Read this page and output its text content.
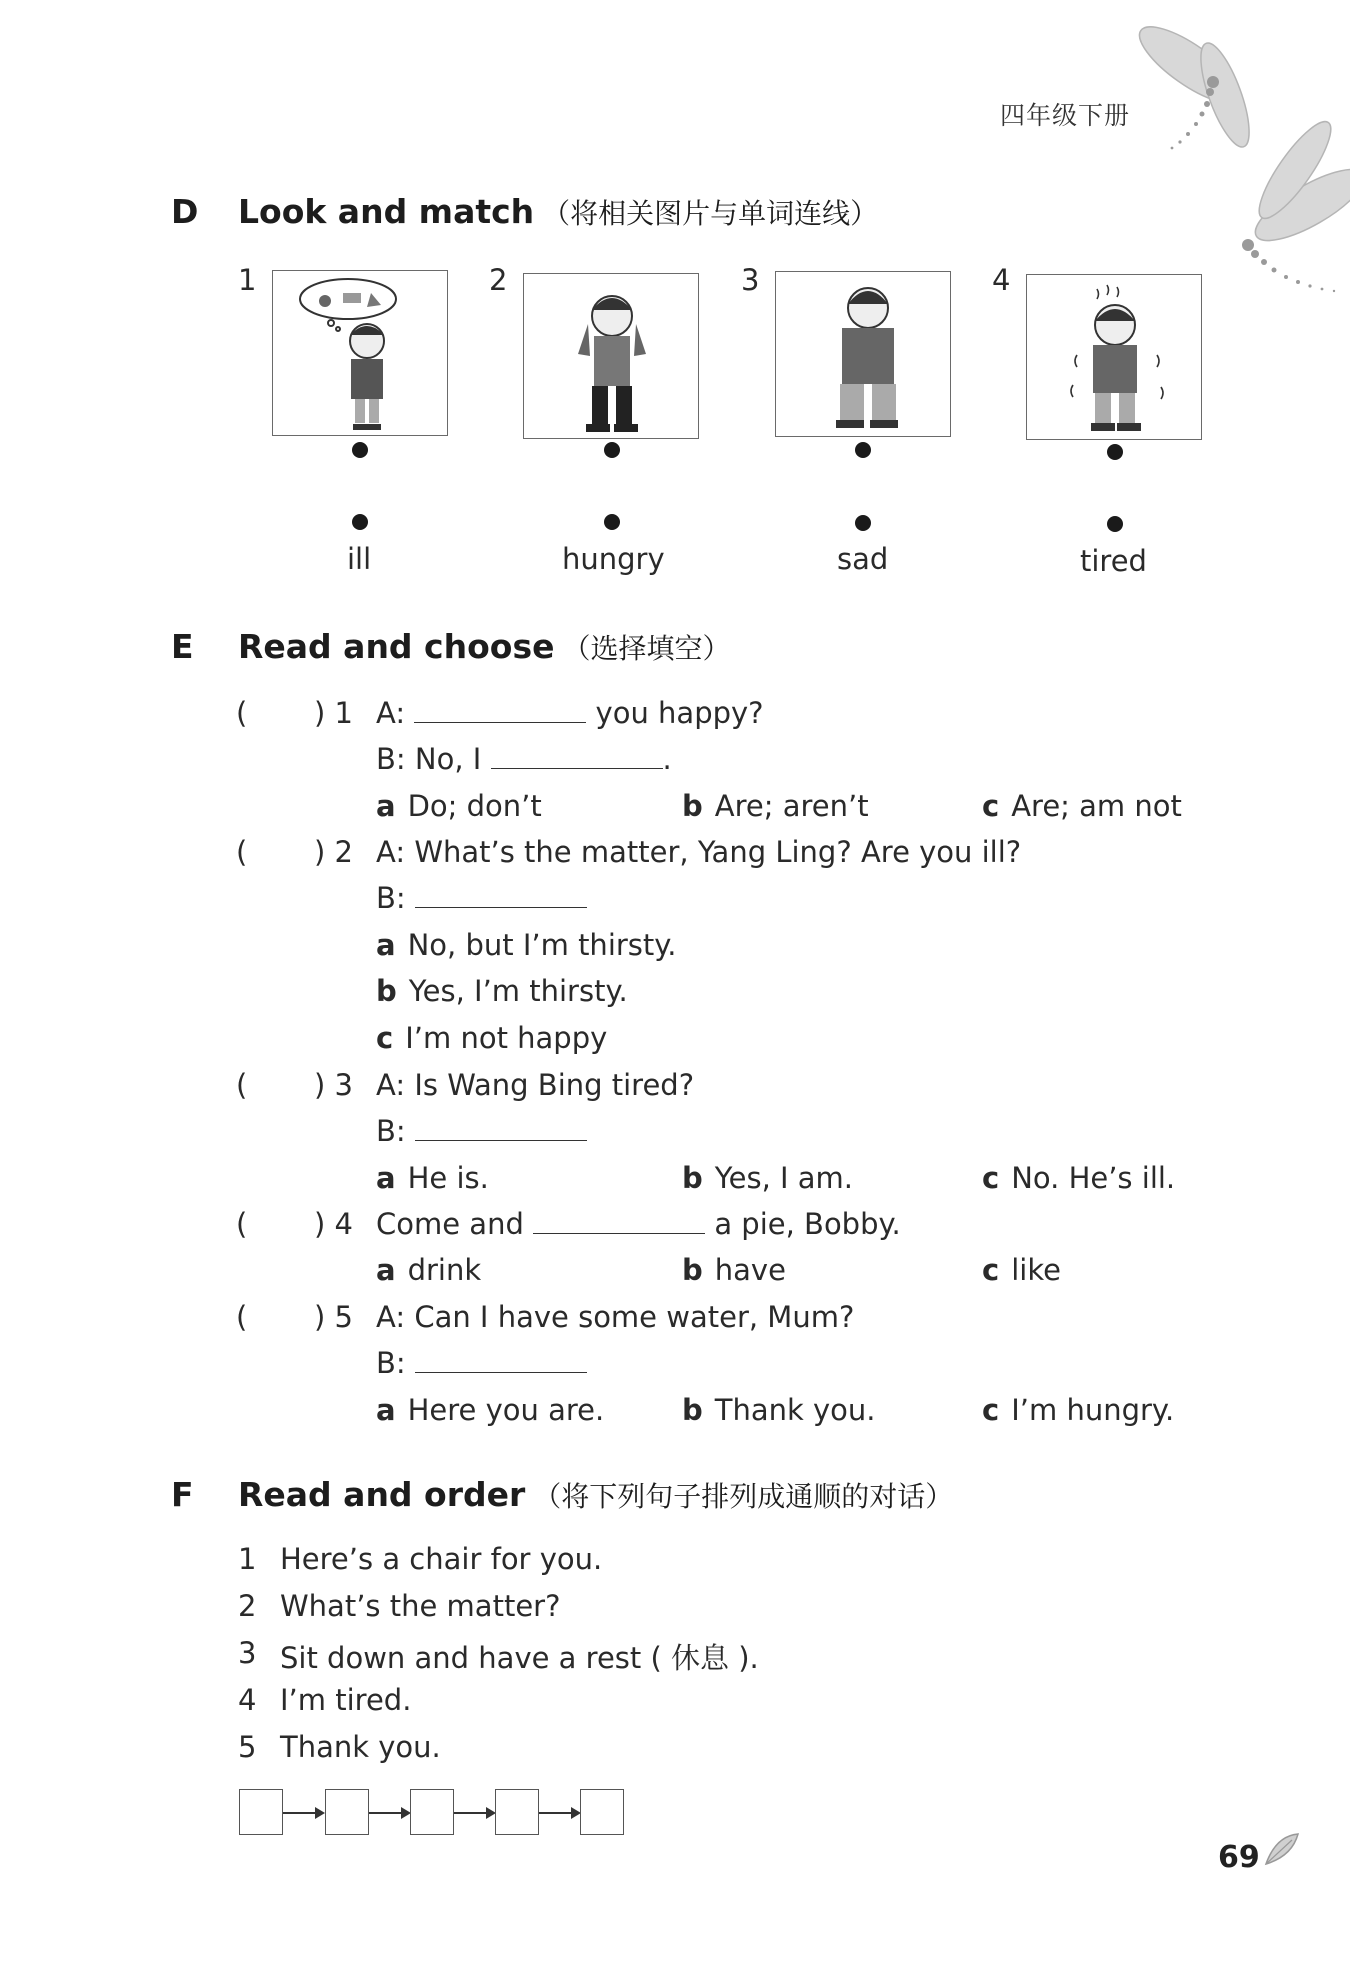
四年级下册
D Look and match （将相关图片与单词连线）
1	2	3	4
ill	hungry	sad	tired
E Read and choose （选择填空）
( ) 1 A:	you happy?
B: No, I	.
a Do; don’t	b Are; aren’t	c Are; am not
( ) 2 A: What’s the matter, Yang Ling? Are you ill?
B:
a No, but I’m thirsty.
b Yes, I’m thirsty.
c I’m not happy
( ) 3 A: Is Wang Bing tired?
B:
a He is.	b Yes, I am.	c No. He’s ill.
( ) 4 Come and	a pie, Bobby.
a drink	b have	c like
( ) 5 A: Can I have some water, Mum?
B:
a Here you are.	b Thank you.	c I’m hungry.
F Read and order （将下列句子排列成通顺的对话）
1 Here’s a chair for you.
2 What’s the matter?
3 Sit down and have a rest ( 休息 ).
4 I’m tired.
5 Thank you.
69
